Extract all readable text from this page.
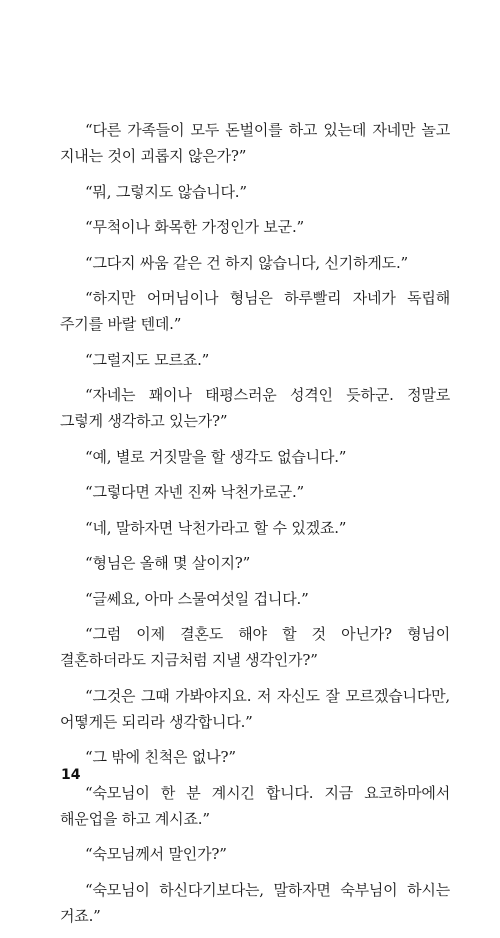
“다른 가족들이 모두 돈벌이를 하고 있는데 자네만 놀고 지내는 것이 괴롭지 않은가?”

“뭐, 그렇지도 않습니다.”

“무척이나 화목한 가정인가 보군.”

“그다지 싸움 같은 건 하지 않습니다, 신기하게도.”

“하지만 어머님이나 형님은 하루빨리 자네가 독립해 주기를 바랄 텐데.”

“그럴지도 모르죠.”

“자네는 꽤이나 태평스러운 성격인 듯하군. 정말로 그렇게 생각하고 있는가?”

“예, 별로 거짓말을 할 생각도 없습니다.”

“그렇다면 자넨 진짜 낙천가로군.”

“네, 말하자면 낙천가라고 할 수 있겠죠.”

“형님은 올해 몇 살이지?”

“글쎄요, 아마 스물여섯일 겁니다.”

“그럼 이제 결혼도 해야 할 것 아닌가? 형님이 결혼하더라도 지금처럼 지낼 생각인가?”

“그것은 그때 가봐야지요. 저 자신도 잘 모르겠습니다만, 어떻게든 되리라 생각합니다.”

“그 밖에 친척은 없나?”

“숙모님이 한 분 계시긴 합니다. 지금 요코하마에서 해운업을 하고 계시죠.”

“숙모님께서 말인가?”

“숙모님이 하신다기보다는, 말하자면 숙부님이 하시는 거죠.”

14
